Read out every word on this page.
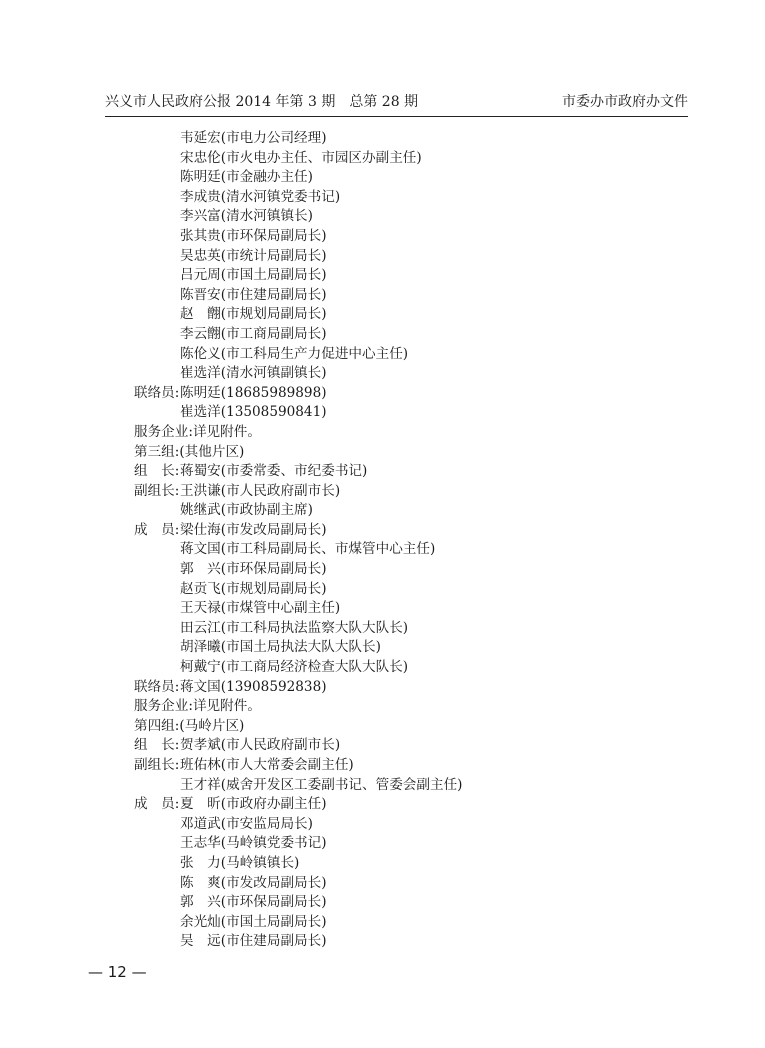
兴义市人民政府公报 2014 年第 3 期　总第 28 期	市委办市政府办文件
韦延宏(市电力公司经理)
宋忠伦(市火电办主任、市园区办副主任)
陈明廷(市金融办主任)
李成贵(清水河镇党委书记)
李兴富(清水河镇镇长)
张其贵(市环保局副局长)
吴忠英(市统计局副局长)
吕元周(市国土局副局长)
陈晋安(市住建局副局长)
赵　䎖(市规划局副局长)
李云䎖(市工商局副局长)
陈伦义(市工科局生产力促进中心主任)
崔选洋(清水河镇副镇长)
联络员: 陈明廷(18685989898)
崔选洋(13508590841)
服务企业:详见附件。
第三组:(其他片区)
组　长: 蒋蜀安(市委常委、市纪委书记)
副组长: 王洪谦(市人民政府副市长)
姚继武(市政协副主席)
成　员: 梁仕海(市发改局副局长)
蒋文国(市工科局副局长、市煤管中心主任)
郭　兴(市环保局副局长)
赵贡飞(市规划局副局长)
王天禄(市煤管中心副主任)
田云江(市工科局执法监察大队大队长)
胡泽曦(市国土局执法大队大队长)
柯戴宁(市工商局经济检查大队大队长)
联络员: 蒋文国(13908592838)
服务企业:详见附件。
第四组:(马岭片区)
组　长: 贺孝斌(市人民政府副市长)
副组长: 班佑林(市人大常委会副主任)
王才祥(威舍开发区工委副书记、管委会副主任)
成　员: 夏　昕(市政府办副主任)
邓道武(市安监局局长)
王志华(马岭镇党委书记)
张　力(马岭镇镇长)
陈　爽(市发改局副局长)
郭　兴(市环保局副局长)
余光灿(市国土局副局长)
吴　远(市住建局副局长)
— 12 —
